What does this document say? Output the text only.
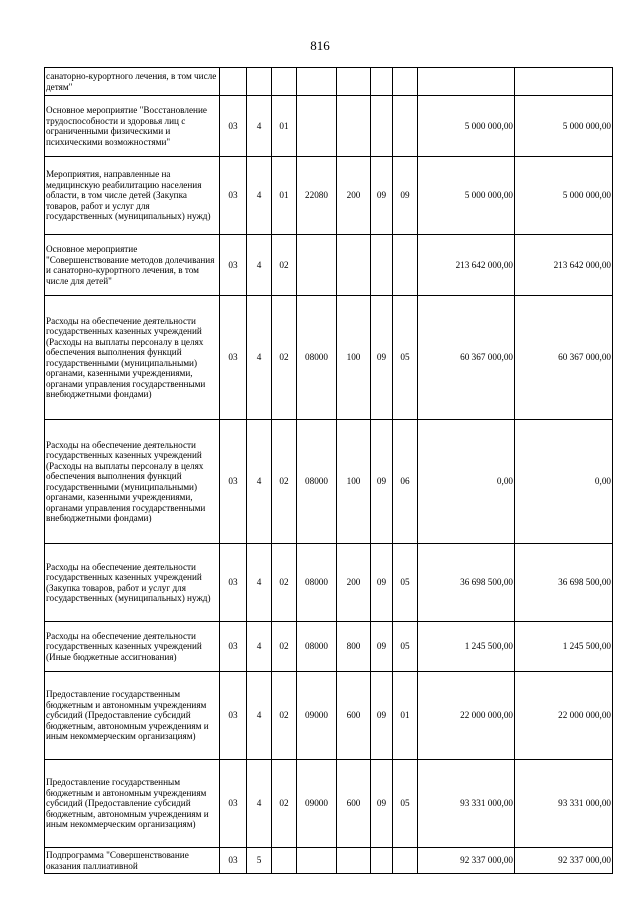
816
санаторно-курортного лечения, в том числе детям"									
Основное мероприятие "Восстановление трудоспособности и здоровья лиц с ограниченными физическими и психическими возможностями"	03	4	01					5 000 000,00	5 000 000,00
Мероприятия, направленные на медицинскую реабилитацию населения области, в том числе детей (Закупка товаров, работ и услуг для государственных (муниципальных) нужд)	03	4	01	22080	200	09	09	5 000 000,00	5 000 000,00
Основное мероприятие "Совершенствование методов долечивания и санаторно-курортного лечения, в том числе для детей"	03	4	02					213 642 000,00	213 642 000,00
Расходы на обеспечение деятельности государственных казенных учреждений (Расходы на выплаты персоналу в целях обеспечения выполнения функций государственными (муниципальными) органами, казенными учреждениями, органами управления государственными внебюджетными фондами)	03	4	02	08000	100	09	05	60 367 000,00	60 367 000,00
Расходы на обеспечение деятельности государственных казенных учреждений (Расходы на выплаты персоналу в целях обеспечения выполнения функций государственными (муниципальными) органами, казенными учреждениями, органами управления государственными внебюджетными фондами)	03	4	02	08000	100	09	06	0,00	0,00
Расходы на обеспечение деятельности государственных казенных учреждений (Закупка товаров, работ и услуг для государственных (муниципальных) нужд)	03	4	02	08000	200	09	05	36 698 500,00	36 698 500,00
Расходы на обеспечение деятельности государственных казенных учреждений (Иные бюджетные ассигнования)	03	4	02	08000	800	09	05	1 245 500,00	1 245 500,00
Предоставление государственным бюджетным и автономным учреждениям субсидий (Предоставление субсидий бюджетным, автономным учреждениям и иным некоммерческим организациям)	03	4	02	09000	600	09	01	22 000 000,00	22 000 000,00
Предоставление государственным бюджетным и автономным учреждениям субсидий (Предоставление субсидий бюджетным, автономным учреждениям и иным некоммерческим организациям)	03	4	02	09000	600	09	05	93 331 000,00	93 331 000,00
Подпрограмма "Совершенствование оказания паллиативной	03	5						92 337 000,00	92 337 000,00
